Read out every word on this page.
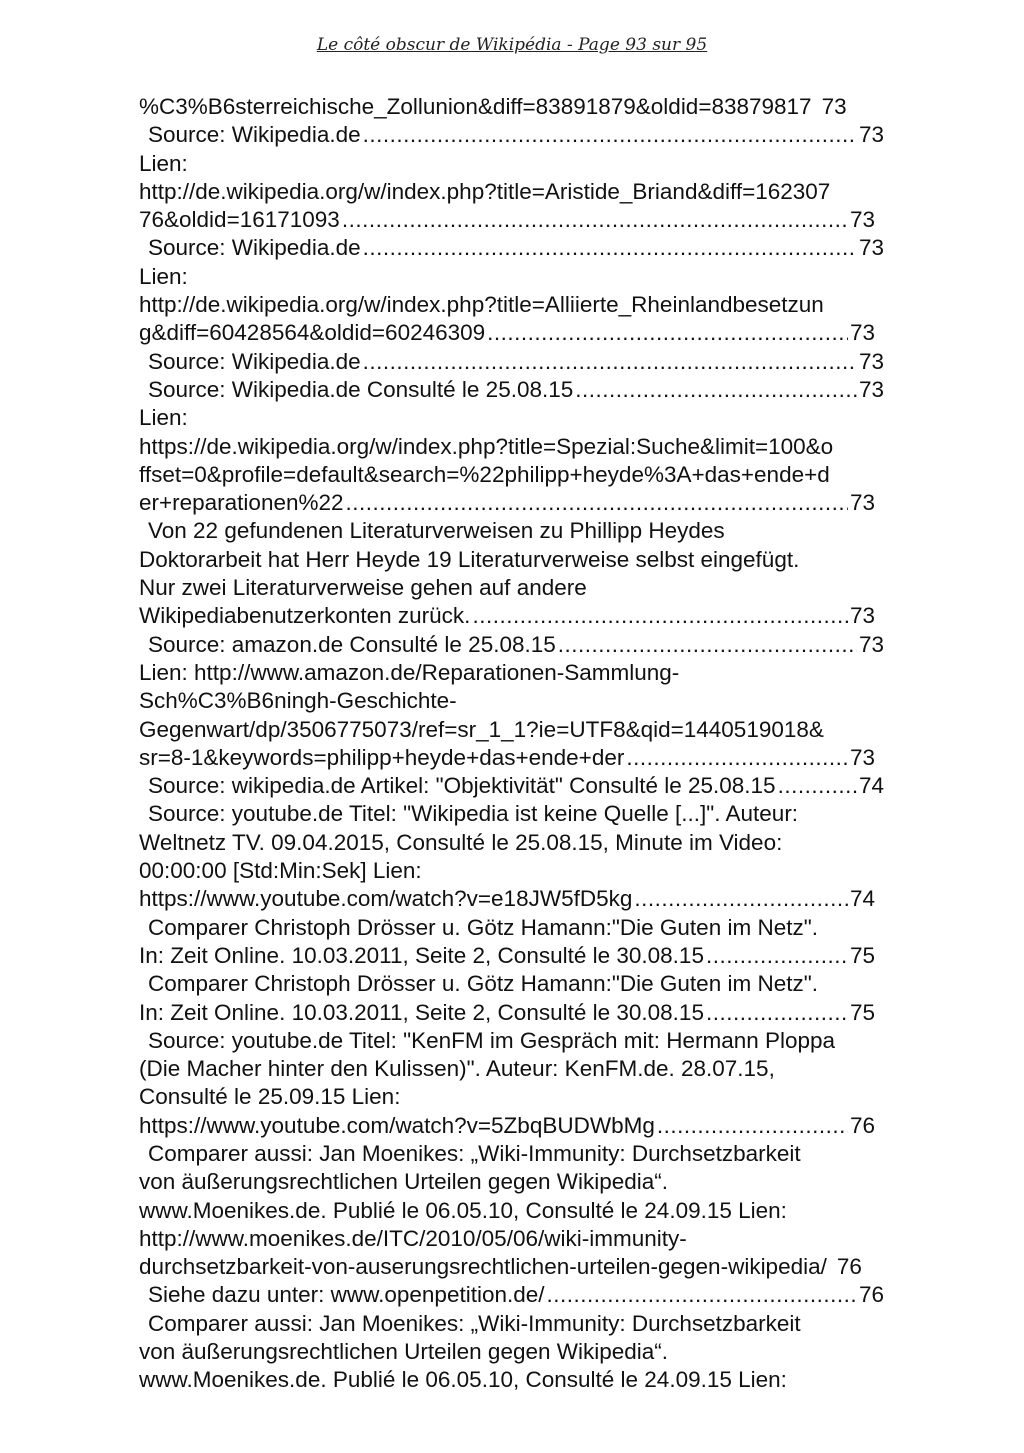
Le côté obscur de Wikipédia - Page 93 sur 95
%C3%B6sterreichische_Zollunion&diff=83891879&oldid=83879817 73
Source: Wikipedia.de .....	73
Lien:
http://de.wikipedia.org/w/index.php?title=Aristide_Briand&diff=162307
76&oldid=16171093 .....	73
Source: Wikipedia.de .....	73
Lien:
http://de.wikipedia.org/w/index.php?title=Alliierte_Rheinlandbesetzun
g&diff=60428564&oldid=60246309 .....	73
Source: Wikipedia.de .....	73
Source: Wikipedia.de Consulté le 25.08.15 .....	73
Lien:
https://de.wikipedia.org/w/index.php?title=Spezial:Suche&limit=100&o
ffset=0&profile=default&search=%22philipp+heyde%3A+das+ende+d
er+reparationen%22 .....	73
Von 22 gefundenen Literaturverweisen zu Phillipp Heydes
Doktorarbeit hat Herr Heyde 19 Literaturverweise selbst eingefügt.
Nur zwei Literaturverweise gehen auf andere
Wikipediabenutzerkonten zurück. .....	73
Source: amazon.de Consulté le 25.08.15 .....	73
Lien: http://www.amazon.de/Reparationen-Sammlung-
Sch%C3%B6ningh-Geschichte-
Gegenwart/dp/3506775073/ref=sr_1_1?ie=UTF8&qid=1440519018&
sr=8-1&keywords=philipp+heyde+das+ende+der .....	73
Source: wikipedia.de Artikel: "Objektivität" Consulté le 25.08.15 .....	74
Source: youtube.de Titel: "Wikipedia ist keine Quelle [...]". Auteur:
Weltnetz TV. 09.04.2015, Consulté le 25.08.15, Minute im Video:
00:00:00 [Std:Min:Sek] Lien:
https://www.youtube.com/watch?v=e18JW5fD5kg .....	74
Comparer Christoph Drösser u. Götz Hamann:"Die Guten im Netz".
In: Zeit Online. 10.03.2011, Seite 2, Consulté le 30.08.15 .....	75
Comparer Christoph Drösser u. Götz Hamann:"Die Guten im Netz".
In: Zeit Online. 10.03.2011, Seite 2, Consulté le 30.08.15 .....	75
Source: youtube.de Titel: "KenFM im Gespräch mit: Hermann Ploppa
(Die Macher hinter den Kulissen)". Auteur: KenFM.de. 28.07.15,
Consulté le 25.09.15 Lien:
https://www.youtube.com/watch?v=5ZbqBUDWbMg .....	76
Comparer aussi: Jan Moenikes: „Wiki-Immunity: Durchsetzbarkeit
von äußerungsrechtlichen Urteilen gegen Wikipedia“.
www.Moenikes.de. Publié le 06.05.10, Consulté le 24.09.15 Lien:
http://www.moenikes.de/ITC/2010/05/06/wiki-immunity-
durchsetzbarkeit-von-auserungsrechtlichen-urteilen-gegen-wikipedia/ 76
Siehe dazu unter: www.openpetition.de/ .....	76
Comparer aussi: Jan Moenikes: „Wiki-Immunity: Durchsetzbarkeit
von äußerungsrechtlichen Urteilen gegen Wikipedia“.
www.Moenikes.de. Publié le 06.05.10, Consulté le 24.09.15 Lien:
